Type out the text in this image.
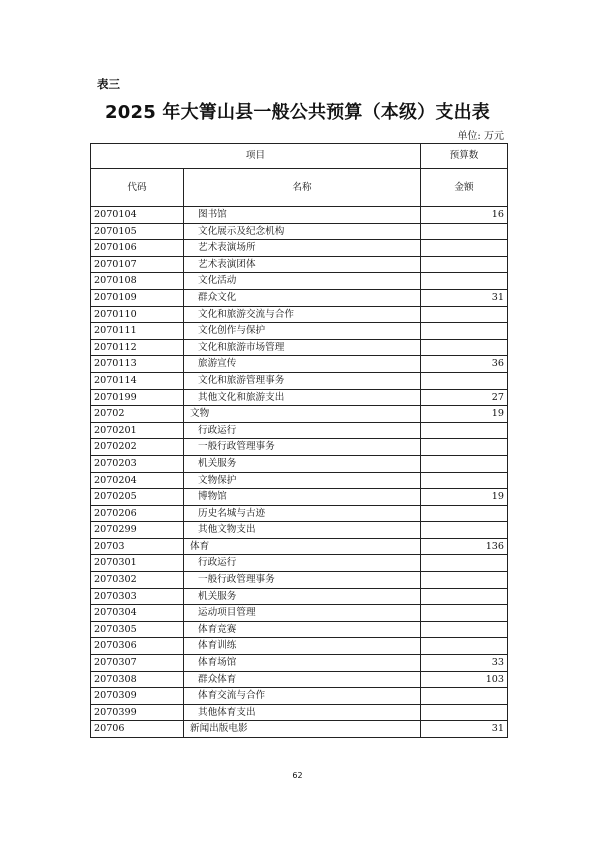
表三
2025 年大箐山县一般公共预算（本级）支出表
单位: 万元
项目		预算数
代码	名称	金额
2070104	图书馆	16
2070105	文化展示及纪念机构	
2070106	艺术表演场所	
2070107	艺术表演团体	
2070108	文化活动	
2070109	群众文化	31
2070110	文化和旅游交流与合作	
2070111	文化创作与保护	
2070112	文化和旅游市场管理	
2070113	旅游宣传	36
2070114	文化和旅游管理事务	
2070199	其他文化和旅游支出	27
20702	文物	19
2070201	行政运行	
2070202	一般行政管理事务	
2070203	机关服务	
2070204	文物保护	
2070205	博物馆	19
2070206	历史名城与古迹	
2070299	其他文物支出	
20703	体育	136
2070301	行政运行	
2070302	一般行政管理事务	
2070303	机关服务	
2070304	运动项目管理	
2070305	体育竞赛	
2070306	体育训练	
2070307	体育场馆	33
2070308	群众体育	103
2070309	体育交流与合作	
2070399	其他体育支出	
20706	新闻出版电影	31
62
